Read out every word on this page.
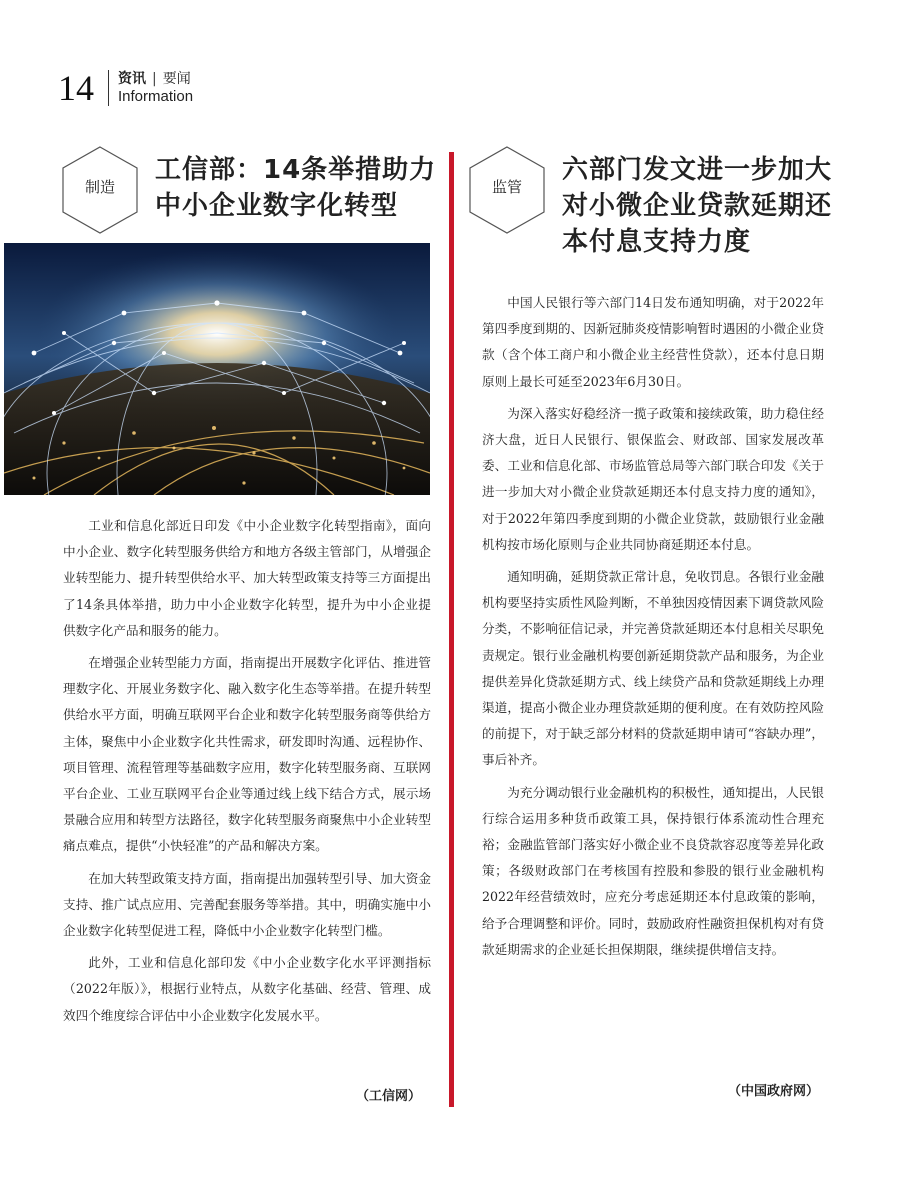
14 资讯 | 要闻
Information
制造
工信部：14条举措助力
中小企业数字化转型

工业和信息化部近日印发《中小企业数字化转型指南》，面向中小企业、数字化转型服务供给方和地方各级主管部门，从增强企业转型能力、提升转型供给水平、加大转型政策支持等三方面提出了14条具体举措，助力中小企业数字化转型，提升为中小企业提供数字化产品和服务的能力。

在增强企业转型能力方面，指南提出开展数字化评估、推进管理数字化、开展业务数字化、融入数字化生态等举措。在提升转型供给水平方面，明确互联网平台企业和数字化转型服务商等供给方主体，聚焦中小企业数字化共性需求，研发即时沟通、远程协作、项目管理、流程管理等基础数字应用，数字化转型服务商、互联网平台企业、工业互联网平台企业等通过线上线下结合方式，展示场景融合应用和转型方法路径，数字化转型服务商聚焦中小企业转型痛点难点，提供“小快轻准”的产品和解决方案。

在加大转型政策支持方面，指南提出加强转型引导、加大资金支持、推广试点应用、完善配套服务等举措。其中，明确实施中小企业数字化转型促进工程，降低中小企业数字化转型门槛。

此外，工业和信息化部印发《中小企业数字化水平评测指标（2022年版）》，根据行业特点，从数字化基础、经营、管理、成效四个维度综合评估中小企业数字化发展水平。

（工信网）
监管
六部门发文进一步加大
对小微企业贷款延期还
本付息支持力度

中国人民银行等六部门14日发布通知明确，对于2022年第四季度到期的、因新冠肺炎疫情影响暂时遇困的小微企业贷款（含个体工商户和小微企业主经营性贷款），还本付息日期原则上最长可延至2023年6月30日。

为深入落实好稳经济一揽子政策和接续政策，助力稳住经济大盘，近日人民银行、银保监会、财政部、国家发展改革委、工业和信息化部、市场监管总局等六部门联合印发《关于进一步加大对小微企业贷款延期还本付息支持力度的通知》，对于2022年第四季度到期的小微企业贷款，鼓励银行业金融机构按市场化原则与企业共同协商延期还本付息。

通知明确，延期贷款正常计息，免收罚息。各银行业金融机构要坚持实质性风险判断，不单独因疫情因素下调贷款风险分类，不影响征信记录，并完善贷款延期还本付息相关尽职免责规定。银行业金融机构要创新延期贷款产品和服务，为企业提供差异化贷款延期方式、线上续贷产品和贷款延期线上办理渠道，提高小微企业办理贷款延期的便利度。在有效防控风险的前提下，对于缺乏部分材料的贷款延期申请可“容缺办理”，事后补齐。

为充分调动银行业金融机构的积极性，通知提出，人民银行综合运用多种货币政策工具，保持银行体系流动性合理充裕；金融监管部门落实好小微企业不良贷款容忍度等差异化政策；各级财政部门在考核国有控股和参股的银行业金融机构2022年经营绩效时，应充分考虑延期还本付息政策的影响，给予合理调整和评价。同时，鼓励政府性融资担保机构对有贷款延期需求的企业延长担保期限，继续提供增信支持。

（中国政府网）
